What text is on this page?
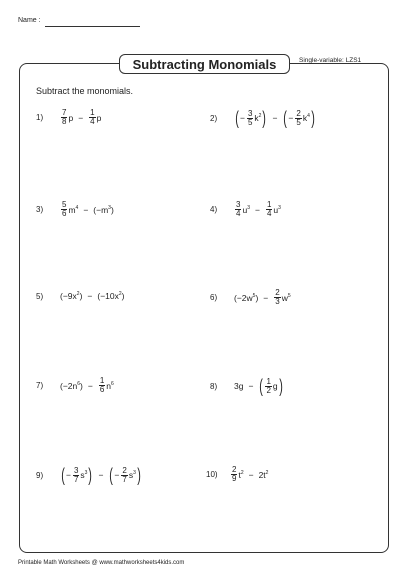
Name :
Subtracting Monomials	Single-variable: LZS1
Subtract the monomials.
1)	$\frac{7}{8}$ $p - \frac{1}{4}$ p	2)	( − $\frac{3}{5} k^2$ ) − ( − $\frac{2}{5} k^4$ )
3)	$\frac{5}{6} m^4 - (-m^3)$	4)	$\frac{3}{4} u^3 - \frac{1}{4} u^3$
5)	$(-9x^2) - (-10x^2)$	6)	$(-2w^5) - \frac{2}{3} w^5$
7)	$(-2n^6) - \frac{1}{6} n^6$	8)	3g − ( $\frac{1}{2}$ g )
9)	( − $\frac{3}{7} s^3$ ) − ( − $\frac{2}{7} s^3$ )	10)	$\frac{2}{9} t^2 - 2t^2$
Printable Math Worksheets @ www.mathworksheets4kids.com
